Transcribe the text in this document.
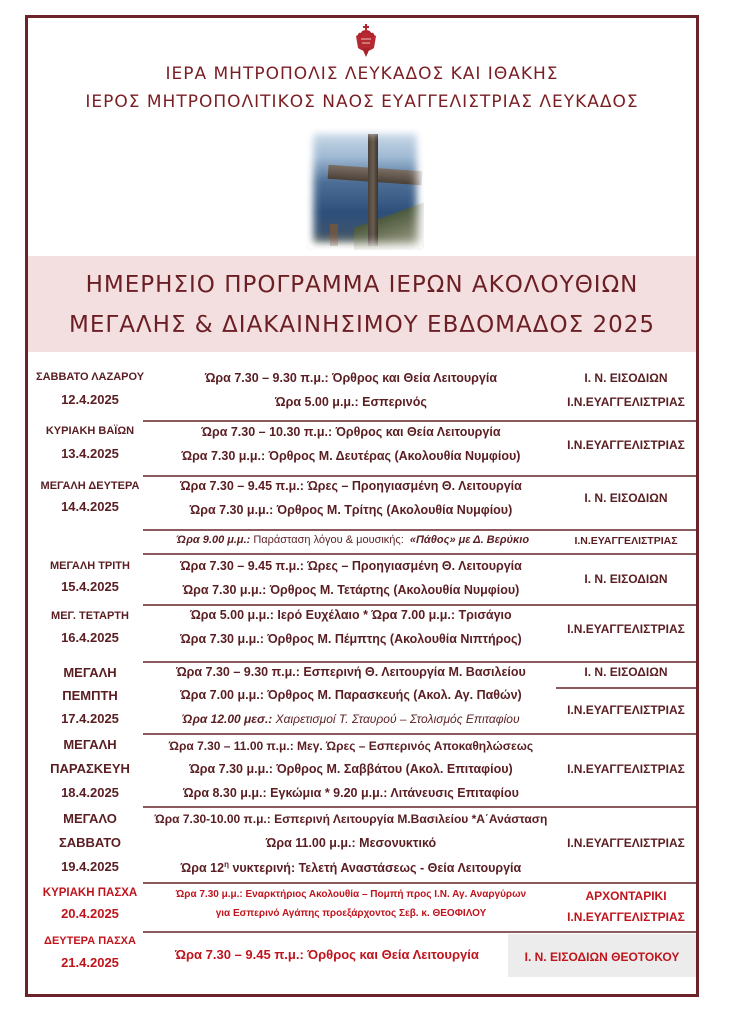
ΙΕΡΑ ΜΗΤΡΟΠΟΛΙΣ ΛΕΥΚΑΔΟΣ ΚΑΙ ΙΘΑΚΗΣ
ΙΕΡΟΣ ΜΗΤΡΟΠΟΛΙΤΙΚΟΣ ΝΑΟΣ ΕΥΑΓΓΕΛΙΣΤΡΙΑΣ ΛΕΥΚΑΔΟΣ
ΗΜΕΡΗΣΙΟ ΠΡΟΓΡΑΜΜΑ ΙΕΡΩΝ ΑΚΟΛΟΥΘΙΩΝ
ΜΕΓΑΛΗΣ & ΔΙΑΚΑΙΝΗΣΙΜΟΥ ΕΒΔΟΜΑΔΟΣ 2025
ΣΑΒΒΑΤΟ ΛΑΖΑΡΟΥ
12.4.2025
Ώρα 7.30 – 9.30 π.μ.: Όρθρος και Θεία Λειτουργία
Ώρα 5.00 μ.μ.: Εσπερινός
Ι. Ν. ΕΙΣΟΔΙΩΝ
Ι.Ν.ΕΥΑΓΓΕΛΙΣΤΡΙΑΣ
ΚΥΡΙΑΚΗ ΒΑΪΩΝ
13.4.2025
Ώρα 7.30 – 10.30 π.μ.: Όρθρος και Θεία Λειτουργία
Ώρα 7.30 μ.μ.: Όρθρος Μ. Δευτέρας (Ακολουθία Νυμφίου)
Ι.Ν.ΕΥΑΓΓΕΛΙΣΤΡΙΑΣ
ΜΕΓΑΛΗ ΔΕΥΤΕΡΑ
14.4.2025
Ώρα 7.30 – 9.45 π.μ.: Ώρες – Προηγιασμένη Θ. Λειτουργία
Ώρα 7.30 μ.μ.: Όρθρος Μ. Τρίτης (Ακολουθία Νυμφίου)
Ι. Ν. ΕΙΣΟΔΙΩΝ
Ώρα 9.00 μ.μ.: Παράσταση λόγου & μουσικής: «Πάθος» με Δ. Βερύκιο	Ι.Ν.ΕΥΑΓΓΕΛΙΣΤΡΙΑΣ
ΜΕΓΑΛΗ ΤΡΙΤΗ
15.4.2025
Ώρα 7.30 – 9.45 π.μ.: Ώρες – Προηγιασμένη Θ. Λειτουργία
Ώρα 7.30 μ.μ.: Όρθρος Μ. Τετάρτης (Ακολουθία Νυμφίου)
Ι. Ν. ΕΙΣΟΔΙΩΝ
ΜΕΓ. ΤΕΤΑΡΤΗ
16.4.2025
Ώρα 5.00 μ.μ.: Ιερό Ευχέλαιο * Ώρα 7.00 μ.μ.: Τρισάγιο
Ώρα 7.30 μ.μ.: Όρθρος Μ. Πέμπτης (Ακολουθία Νιπτήρος)
Ι.Ν.ΕΥΑΓΓΕΛΙΣΤΡΙΑΣ
ΜΕΓΑΛΗ
ΠΕΜΠΤΗ
17.4.2025
Ώρα 7.30 – 9.30 π.μ.: Εσπερινή Θ. Λειτουργία Μ. Βασιλείου
Ώρα 7.00 μ.μ.: Όρθρος Μ. Παρασκευής (Ακολ. Αγ. Παθών)
Ώρα 12.00 μεσ.: Χαιρετισμοί Τ. Σταυρού – Στολισμός Επιταφίου
Ι. Ν. ΕΙΣΟΔΙΩΝ
Ι.Ν.ΕΥΑΓΓΕΛΙΣΤΡΙΑΣ
ΜΕΓΑΛΗ
ΠΑΡΑΣΚΕΥΗ
18.4.2025
Ώρα 7.30 – 11.00 π.μ.: Μεγ. Ώρες – Εσπερινός Αποκαθηλώσεως
Ώρα 7.30 μ.μ.: Όρθρος Μ. Σαββάτου (Ακολ. Επιταφίου)
Ώρα 8.30 μ.μ.: Εγκώμια * 9.20 μ.μ.: Λιτάνευσις Επιταφίου
Ι.Ν.ΕΥΑΓΓΕΛΙΣΤΡΙΑΣ
ΜΕΓΑΛΟ
ΣΑΒΒΑΤΟ
19.4.2025
Ώρα 7.30-10.00 π.μ.: Εσπερινή Λειτουργία Μ.Βασιλείου *Α΄Ανάσταση
Ώρα 11.00 μ.μ.: Μεσονυκτικό
Ώρα $12^\eta$ νυκτερινή: Τελετή Αναστάσεως - Θεία Λειτουργία
Ι.Ν.ΕΥΑΓΓΕΛΙΣΤΡΙΑΣ
ΚΥΡΙΑΚΗ ΠΑΣΧΑ
20.4.2025
Ώρα 7.30 μ.μ.: Εναρκτήριος Ακολουθία – Πομπή προς Ι.Ν. Αγ. Αναργύρων
για Εσπερινό Αγάπης προεξάρχοντος Σεβ. κ. ΘΕΟΦΙΛΟΥ
ΑΡΧΟΝΤΑΡΙΚΙ
Ι.Ν.ΕΥΑΓΓΕΛΙΣΤΡΙΑΣ
ΔΕΥΤΕΡΑ ΠΑΣΧΑ
21.4.2025
Ώρα 7.30 – 9.45 π.μ.: Όρθρος και Θεία Λειτουργία	Ι. Ν. ΕΙΣΟΔΙΩΝ ΘΕΟΤΟΚΟΥ
